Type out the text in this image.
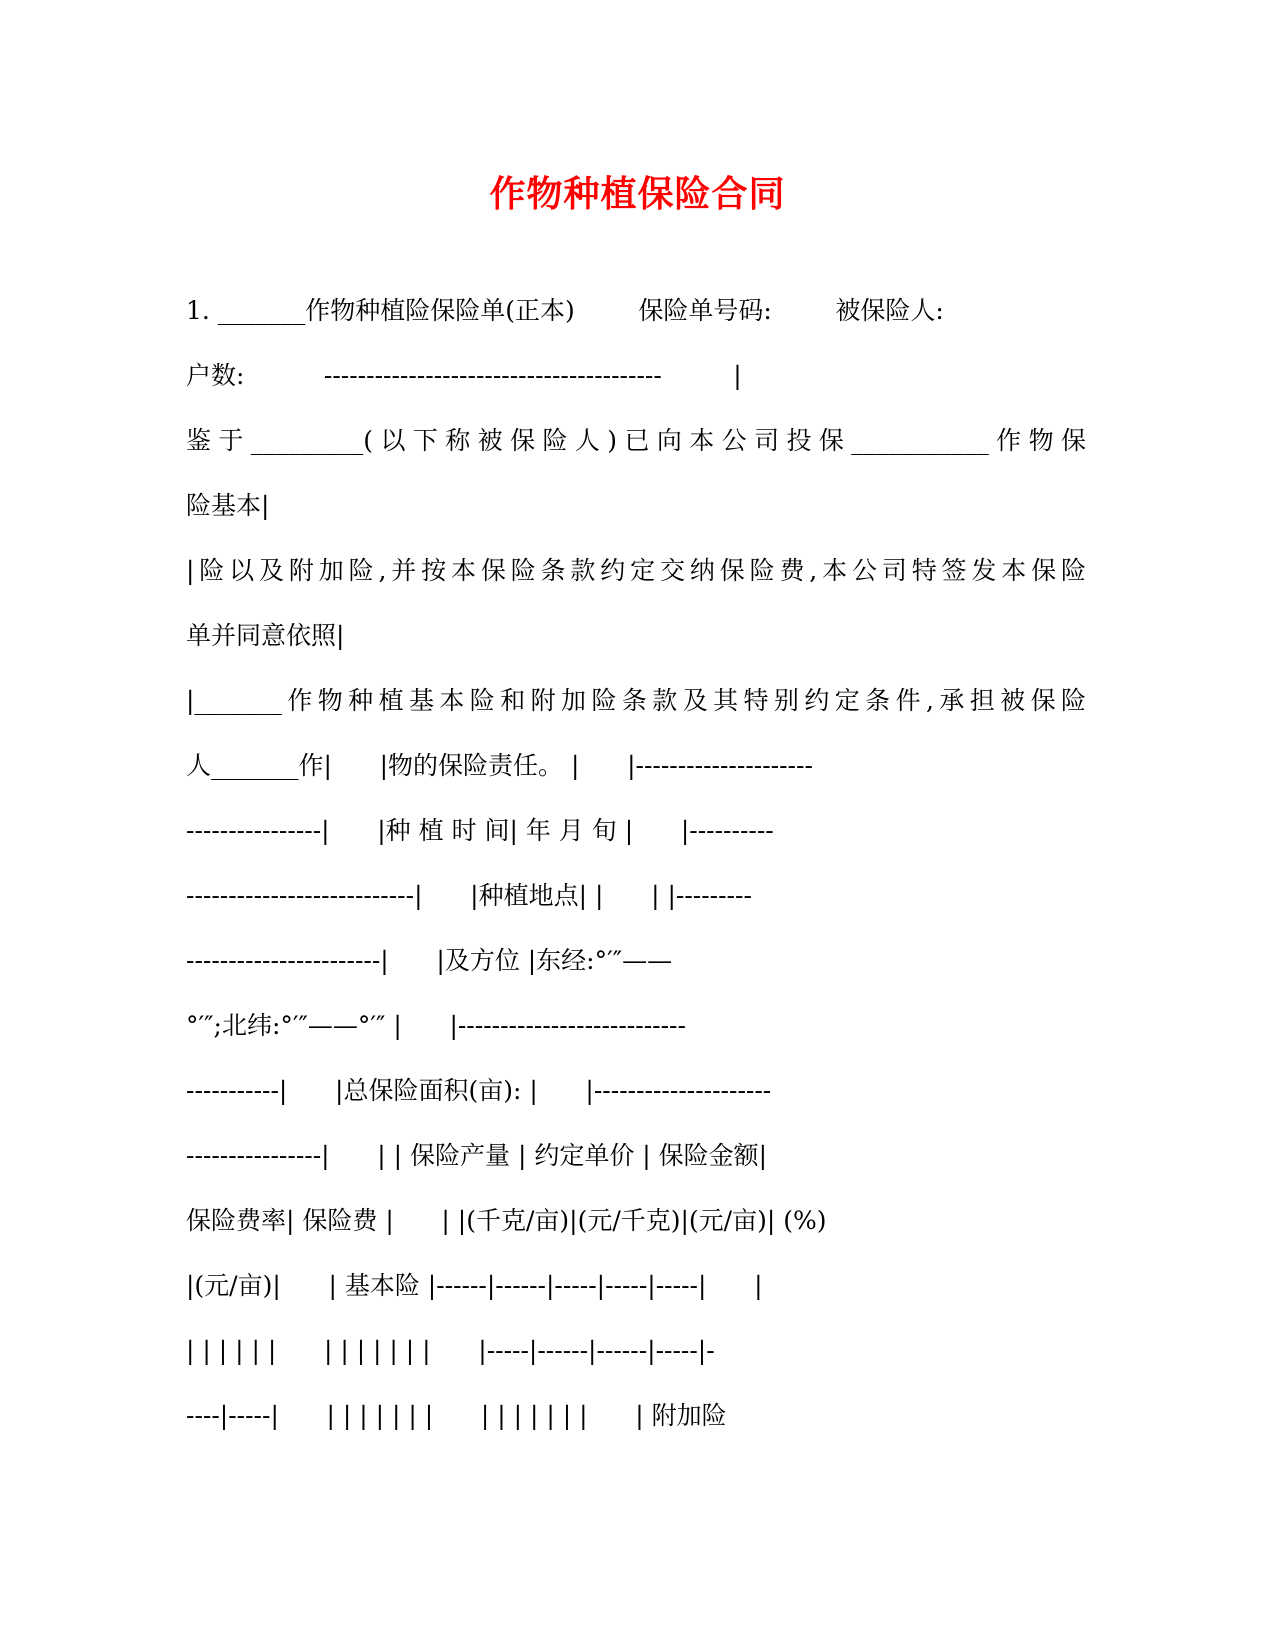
作物种植保险合同
1. _______作物种植险保险单(正本)        保险单号码:        被保险人:
户数:          ----------------------------------------         |
鉴于_________(以下称被保险人)已向本公司投保___________作物保
险基本|
|险以及附加险,并按本保险条款约定交纳保险费,本公司特签发本保险
单并同意依照|
|_______作物种植基本险和附加险条款及其特别约定条件,承担被保险
人_______作|      |物的保险责任。 |      |---------------------
----------------|      |种 植 时 间| 年 月 旬 |      |----------
---------------------------|      |种植地点| |      | |---------
-----------------------|      |及方位 |东经:°′″——
°′″;北纬:°′″——°′″ |      |---------------------------
-----------|      |总保险面积(亩): |      |---------------------
----------------|      | | 保险产量 | 约定单价 | 保险金额|
保险费率| 保险费 |      | |(千克/亩)|(元/千克)|(元/亩)| (%)
|(元/亩)|      | 基本险 |------|------|-----|-----|-----|      |
| | | | | |      | | | | | | |      |-----|------|------|-----|-
----|-----|      | | | | | | |      | | | | | | |      | 附加险
